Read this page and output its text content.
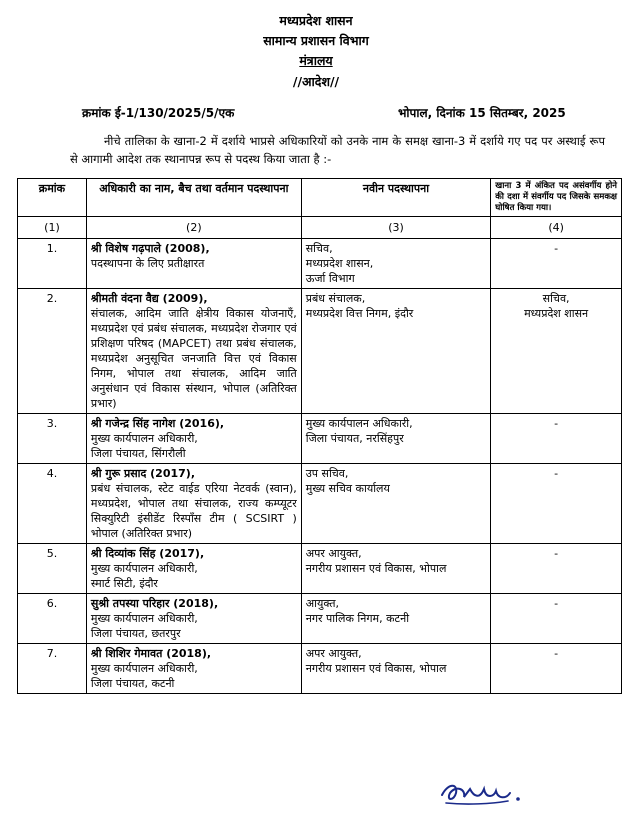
मध्यप्रदेश शासन
सामान्य प्रशासन विभाग
मंत्रालय
//आदेश//
क्रमांक ई-1/130/2025/5/एक	भोपाल, दिनांक 15 सितम्बर, 2025

नीचे तालिका के खाना-2 में दर्शाये भाप्रसे अधिकारियों को उनके नाम के समक्ष खाना-3 में दर्शाये गए पद पर अस्थाई रूप से आगामी आदेश तक स्थानापन्न रूप से पदस्थ किया जाता है :-

क्रमांक	अधिकारी का नाम, बैच तथा वर्तमान पदस्थापना	नवीन पदस्थापना	खाना 3 में अंकित पद असंवर्गीय होने की दशा में संवर्गीय पद जिसके समकक्ष घोषित किया गया।
(1)	(2)	(3)	(4)
1.	श्री विशेष गढ़पाले (2008),
पदस्थापना के लिए प्रतीक्षारत	सचिव,
मध्यप्रदेश शासन,
ऊर्जा विभाग	-
2.	श्रीमती वंदना वैद्य (2009),
संचालक, आदिम जाति क्षेत्रीय विकास योजनाएँ, मध्यप्रदेश एवं प्रबंध संचालक, मध्यप्रदेश रोजगार एवं प्रशिक्षण परिषद (MAPCET) तथा प्रबंध संचालक, मध्यप्रदेश अनुसूचित जनजाति वित्त एवं विकास निगम, भोपाल तथा संचालक, आदिम जाति अनुसंधान एवं विकास संस्थान, भोपाल (अतिरिक्त प्रभार)	प्रबंध संचालक,
मध्यप्रदेश वित्त निगम, इंदौर	सचिव,
मध्यप्रदेश शासन
3.	श्री गजेन्द्र सिंह नागेश (2016),
मुख्य कार्यपालन अधिकारी,
जिला पंचायत, सिंगरौली	मुख्य कार्यपालन अधिकारी,
जिला पंचायत, नरसिंहपुर	-
4.	श्री गुरू प्रसाद (2017),
प्रबंध संचालक, स्टेट वाईड एरिया नेटवर्क (स्वान), मध्यप्रदेश, भोपाल तथा संचालक, राज्य कम्प्यूटर सिक्युरिटी इंसीडेंट रिस्पॉंस टीम ( SCSIRT ) भोपाल (अतिरिक्त प्रभार)	उप सचिव,
मुख्य सचिव कार्यालय	-
5.	श्री दिव्यांक सिंह (2017),
मुख्य कार्यपालन अधिकारी,
स्मार्ट सिटी, इंदौर	अपर आयुक्त,
नगरीय प्रशासन एवं विकास, भोपाल	-
6.	सुश्री तपस्या परिहार (2018),
मुख्य कार्यपालन अधिकारी,
जिला पंचायत, छतरपुर	आयुक्त,
नगर पालिक निगम, कटनी	-
7.	श्री शिशिर गेमावत (2018),
मुख्य कार्यपालन अधिकारी,
जिला पंचायत, कटनी	अपर आयुक्त,
नगरीय प्रशासन एवं विकास, भोपाल	-
